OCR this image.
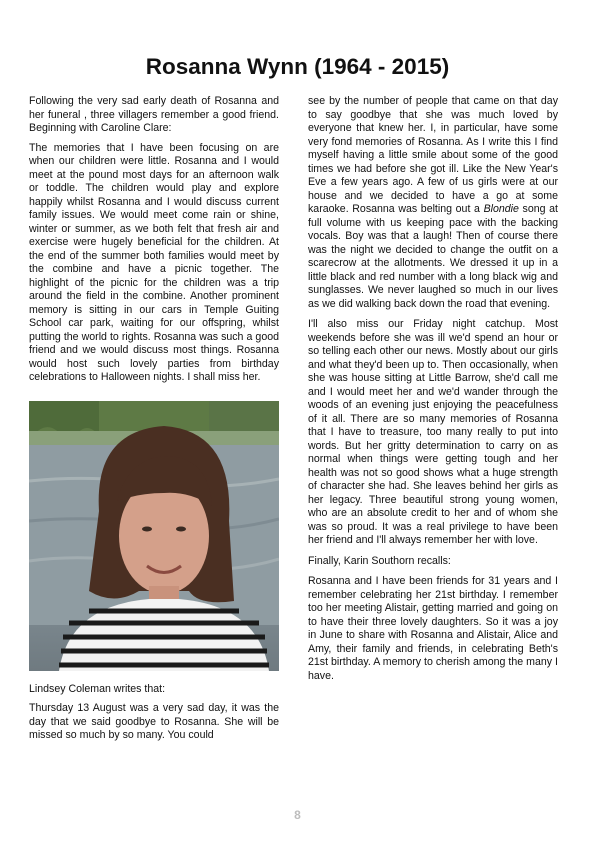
Rosanna Wynn (1964 - 2015)

Following the very sad early death of Rosanna and her funeral , three villagers remember a good friend. Beginning with Caroline Clare:

The memories that I have been focusing on are when our children were little. Rosanna and I would meet at the pound most days for an afternoon walk or toddle. The children would play and explore happily whilst Rosanna and I would discuss current family issues. We would meet come rain or shine, winter or summer, as we both felt that fresh air and exercise were hugely beneficial for the children. At the end of the summer both families would meet by the combine and have a picnic together. The highlight of the picnic for the children was a trip around the field in the combine. Another prominent memory is sitting in our cars in Temple Guiting School car park, waiting for our offspring, whilst putting the world to rights. Rosanna was such a good friend and we would discuss most things. Rosanna would host such lovely parties from birthday celebrations to Halloween nights. I shall miss her.

Lindsey Coleman writes that:

Thursday 13 August was a very sad day, it was the day that we said goodbye to Rosanna. She will be missed so much by so many. You could

see by the number of people that came on that day to say goodbye that she was much loved by everyone that knew her. I, in particular, have some very fond memories of Rosanna. As I write this I find myself having a little smile about some of the good times we had before she got ill. Like the New Year's Eve a few years ago. A few of us girls were at our house and we decided to have a go at some karaoke. Rosanna was belting out a Blondie song at full volume with us keeping pace with the backing vocals. Boy was that a laugh! Then of course there was the night we decided to change the outfit on a scarecrow at the allotments. We dressed it up in a little black and red number with a long black wig and sunglasses. We never laughed so much in our lives as we did walking back down the road that evening.

I'll also miss our Friday night catchup. Most weekends before she was ill we'd spend an hour or so telling each other our news. Mostly about our girls and what they'd been up to. Then occasionally, when she was house sitting at Little Barrow, she'd call me and I would meet her and we'd wander through the woods of an evening just enjoying the peacefulness of it all. There are so many memories of Rosanna that I have to treasure, too many really to put into words. But her gritty determination to carry on as normal when things were getting tough and her health was not so good shows what a huge strength of character she had. She leaves behind her girls as her legacy. Three beautiful strong young women, who are an absolute credit to her and of whom she was so proud. It was a real privilege to have been her friend and I'll always remember her with love.

Finally, Karin Southorn recalls:

Rosanna and I have been friends for 31 years and I remember celebrating her 21st birthday. I remember too her meeting Alistair, getting married and going on to have their three lovely daughters. So it was a joy in June to share with Rosanna and Alistair, Alice and Amy, their family and friends, in celebrating Beth's 21st birthday. A memory to cherish among the many I have.

8
